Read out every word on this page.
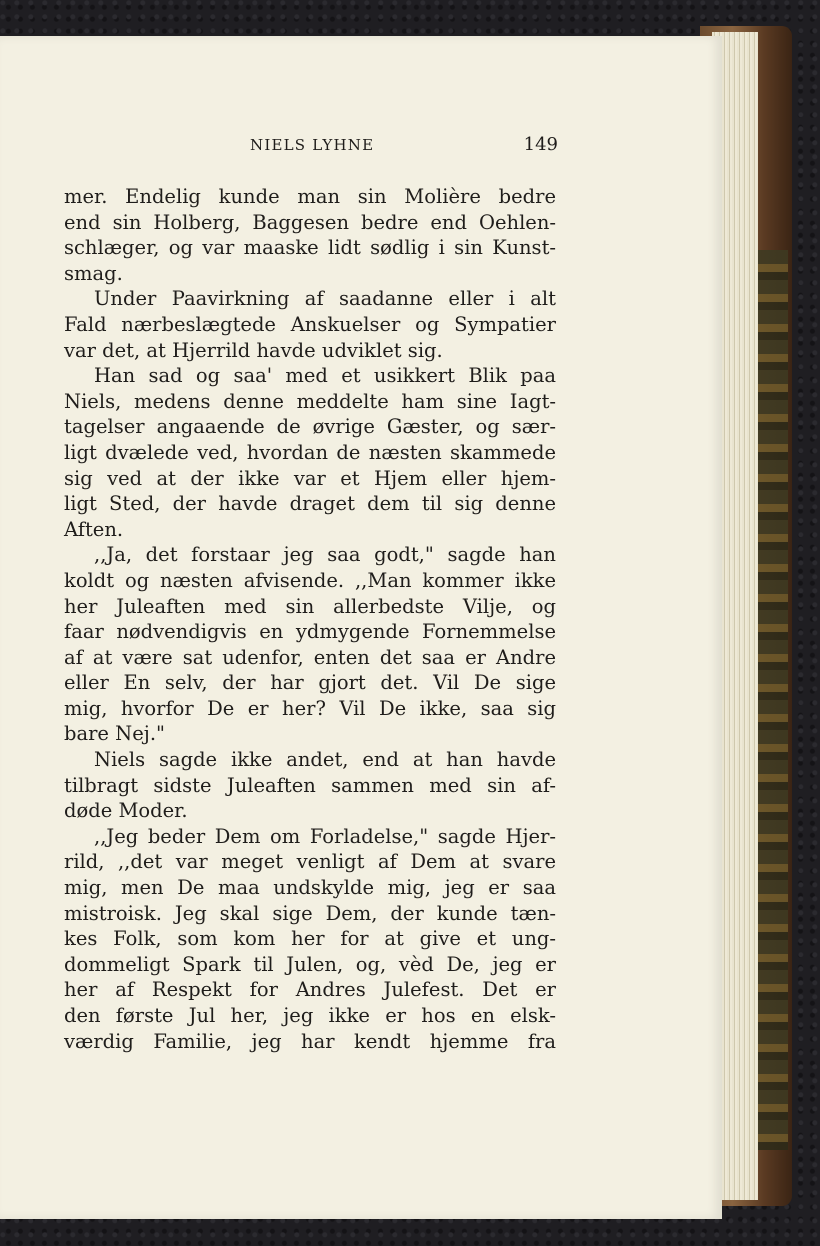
NIELS LYHNE	149
mer. Endelig kunde man sin Molière bedre
end sin Holberg, Baggesen bedre end Oehlen-
schlæger, og var maaske lidt sødlig i sin Kunst-
smag.
Under Paavirkning af saadanne eller i alt
Fald nærbeslægtede Anskuelser og Sympatier
var det, at Hjerrild havde udviklet sig.
Han sad og saa' med et usikkert Blik paa
Niels, medens denne meddelte ham sine Iagt-
tagelser angaaende de øvrige Gæster, og sær-
ligt dvælede ved, hvordan de næsten skammede
sig ved at der ikke var et Hjem eller hjem-
ligt Sted, der havde draget dem til sig denne
Aften.
,,Ja, det forstaar jeg saa godt," sagde han
koldt og næsten afvisende. ,,Man kommer ikke
her Juleaften med sin allerbedste Vilje, og
faar nødvendigvis en ydmygende Fornemmelse
af at være sat udenfor, enten det saa er Andre
eller En selv, der har gjort det. Vil De sige
mig, hvorfor De er her? Vil De ikke, saa sig
bare Nej."
Niels sagde ikke andet, end at han havde
tilbragt sidste Juleaften sammen med sin af-
døde Moder.
,,Jeg beder Dem om Forladelse," sagde Hjer-
rild, ,,det var meget venligt af Dem at svare
mig, men De maa undskylde mig, jeg er saa
mistroisk. Jeg skal sige Dem, der kunde tæn-
kes Folk, som kom her for at give et ung-
dommeligt Spark til Julen, og, vèd De, jeg er
her af Respekt for Andres Julefest. Det er
den første Jul her, jeg ikke er hos en elsk-
værdig Familie, jeg har kendt hjemme fra
